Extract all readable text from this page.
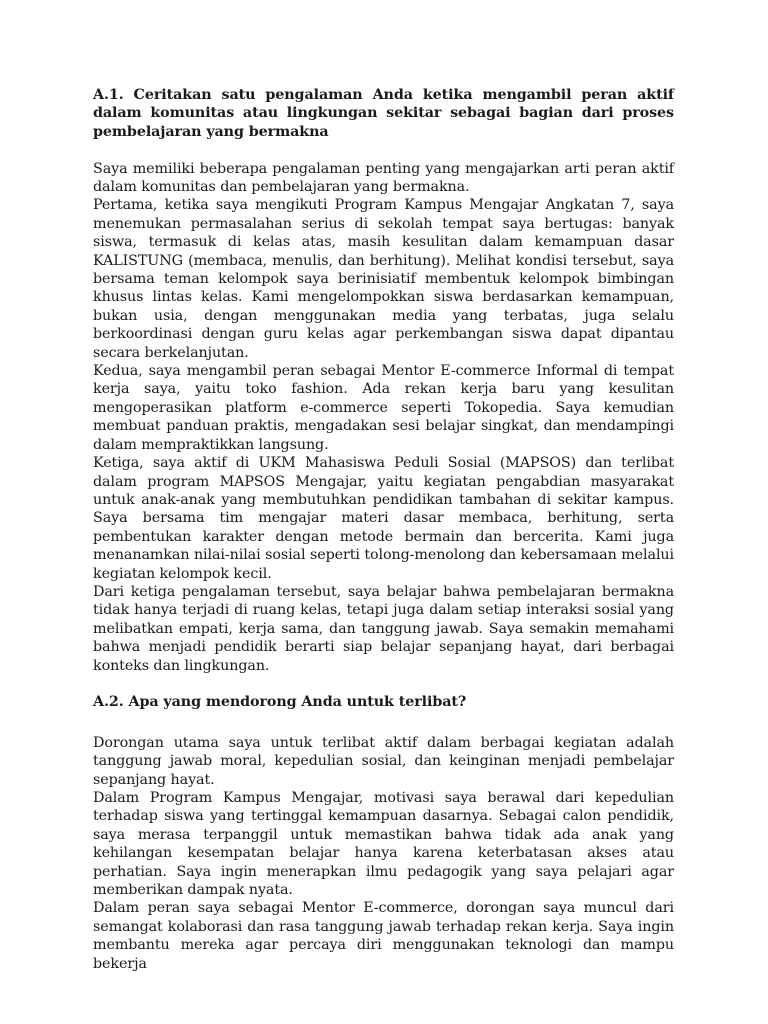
A.1. Ceritakan satu pengalaman Anda ketika mengambil peran aktif dalam komunitas atau lingkungan sekitar sebagai bagian dari proses pembelajaran yang bermakna

Saya memiliki beberapa pengalaman penting yang mengajarkan arti peran aktif dalam komunitas dan pembelajaran yang bermakna.

Pertama, ketika saya mengikuti Program Kampus Mengajar Angkatan 7, saya menemukan permasalahan serius di sekolah tempat saya bertugas: banyak siswa, termasuk di kelas atas, masih kesulitan dalam kemampuan dasar KALISTUNG (membaca, menulis, dan berhitung). Melihat kondisi tersebut, saya bersama teman kelompok saya berinisiatif membentuk kelompok bimbingan khusus lintas kelas. Kami mengelompokkan siswa berdasarkan kemampuan, bukan usia, dengan menggunakan media yang terbatas, juga selalu berkoordinasi dengan guru kelas agar perkembangan siswa dapat dipantau secara berkelanjutan.

Kedua, saya mengambil peran sebagai Mentor E-commerce Informal di tempat kerja saya, yaitu toko fashion. Ada rekan kerja baru yang kesulitan mengoperasikan platform e-commerce seperti Tokopedia. Saya kemudian membuat panduan praktis, mengadakan sesi belajar singkat, dan mendampingi dalam mempraktikkan langsung.

Ketiga, saya aktif di UKM Mahasiswa Peduli Sosial (MAPSOS) dan terlibat dalam program MAPSOS Mengajar, yaitu kegiatan pengabdian masyarakat untuk anak-anak yang membutuhkan pendidikan tambahan di sekitar kampus. Saya bersama tim mengajar materi dasar membaca, berhitung, serta pembentukan karakter dengan metode bermain dan bercerita. Kami juga menanamkan nilai-nilai sosial seperti tolong-menolong dan kebersamaan melalui kegiatan kelompok kecil.

Dari ketiga pengalaman tersebut, saya belajar bahwa pembelajaran bermakna tidak hanya terjadi di ruang kelas, tetapi juga dalam setiap interaksi sosial yang melibatkan empati, kerja sama, dan tanggung jawab. Saya semakin memahami bahwa menjadi pendidik berarti siap belajar sepanjang hayat, dari berbagai konteks dan lingkungan.

A.2. Apa yang mendorong Anda untuk terlibat?

Dorongan utama saya untuk terlibat aktif dalam berbagai kegiatan adalah tanggung jawab moral, kepedulian sosial, dan keinginan menjadi pembelajar sepanjang hayat.

Dalam Program Kampus Mengajar, motivasi saya berawal dari kepedulian terhadap siswa yang tertinggal kemampuan dasarnya. Sebagai calon pendidik, saya merasa terpanggil untuk memastikan bahwa tidak ada anak yang kehilangan kesempatan belajar hanya karena keterbatasan akses atau perhatian. Saya ingin menerapkan ilmu pedagogik yang saya pelajari agar memberikan dampak nyata.

Dalam peran saya sebagai Mentor E-commerce, dorongan saya muncul dari semangat kolaborasi dan rasa tanggung jawab terhadap rekan kerja. Saya ingin membantu mereka agar percaya diri menggunakan teknologi dan mampu bekerja
